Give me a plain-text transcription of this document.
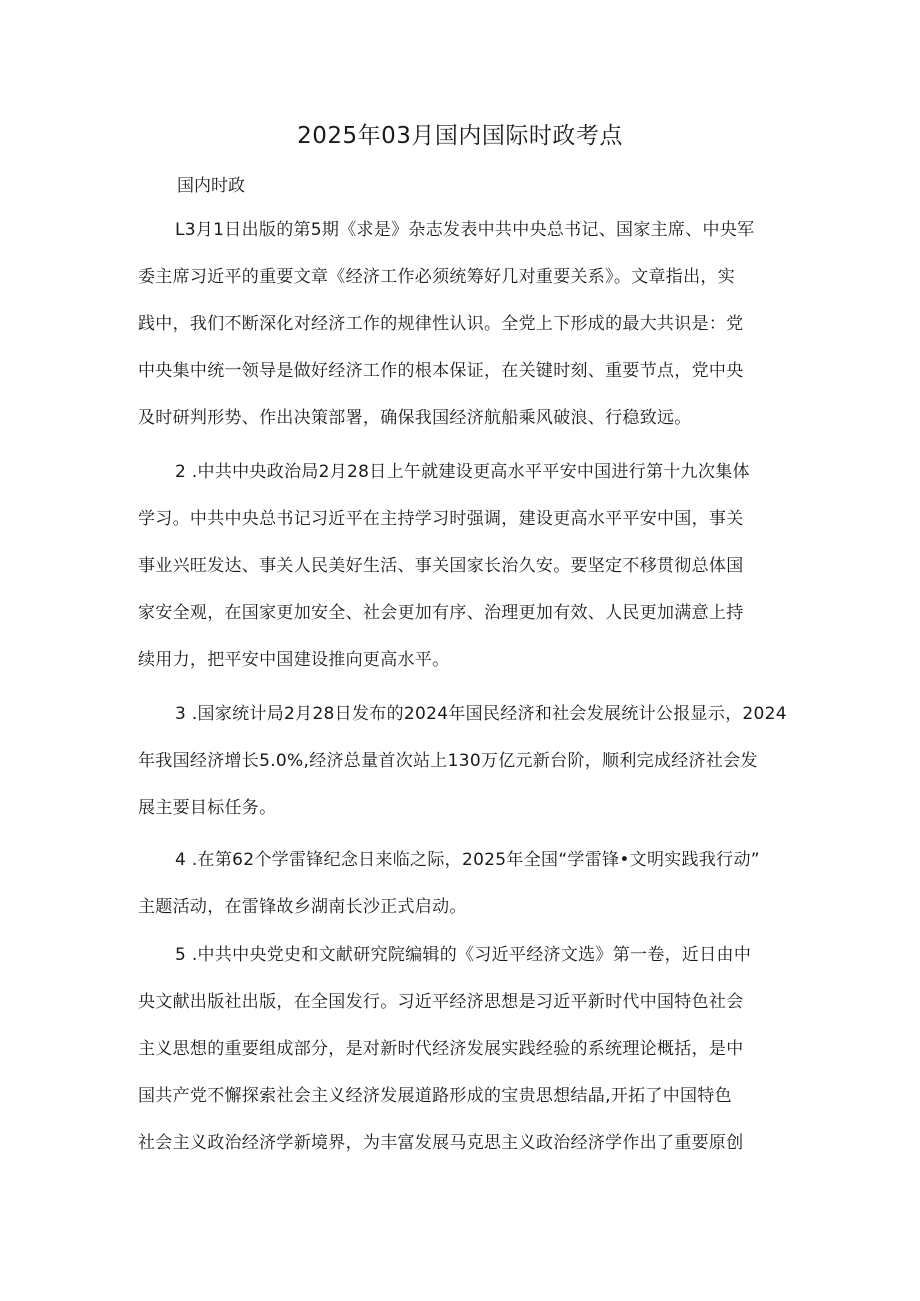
2025年03月国内国际时政考点
国内时政
L3月1日出版的第5期《求是》杂志发表中共中央总书记、国家主席、中央军
委主席习近平的重要文章《经济工作必须统筹好几对重要关系》。文章指出，实
践中，我们不断深化对经济工作的规律性认识。全党上下形成的最大共识是：党
中央集中统一领导是做好经济工作的根本保证，在关键时刻、重要节点，党中央
及时研判形势、作出决策部署，确保我国经济航船乘风破浪、行稳致远。
2 .中共中央政治局2月28日上午就建设更高水平平安中国进行第十九次集体
学习。中共中央总书记习近平在主持学习时强调，建设更高水平平安中国，事关
事业兴旺发达、事关人民美好生活、事关国家长治久安。要坚定不移贯彻总体国
家安全观，在国家更加安全、社会更加有序、治理更加有效、人民更加满意上持
续用力，把平安中国建设推向更高水平。
3 .国家统计局2月28日发布的2024年国民经济和社会发展统计公报显示，2024
年我国经济增长5.0%,经济总量首次站上130万亿元新台阶，顺利完成经济社会发
展主要目标任务。
4 .在第62个学雷锋纪念日来临之际，2025年全国“学雷锋•文明实践我行动”
主题活动，在雷锋故乡湖南长沙正式启动。
5 .中共中央党史和文献研究院编辑的《习近平经济文选》第一卷，近日由中
央文献出版社出版，在全国发行。习近平经济思想是习近平新时代中国特色社会
主义思想的重要组成部分，是对新时代经济发展实践经验的系统理论概括，是中
国共产党不懈探索社会主义经济发展道路形成的宝贵思想结晶,开拓了中国特色
社会主义政治经济学新境界，为丰富发展马克思主义政治经济学作出了重要原创
